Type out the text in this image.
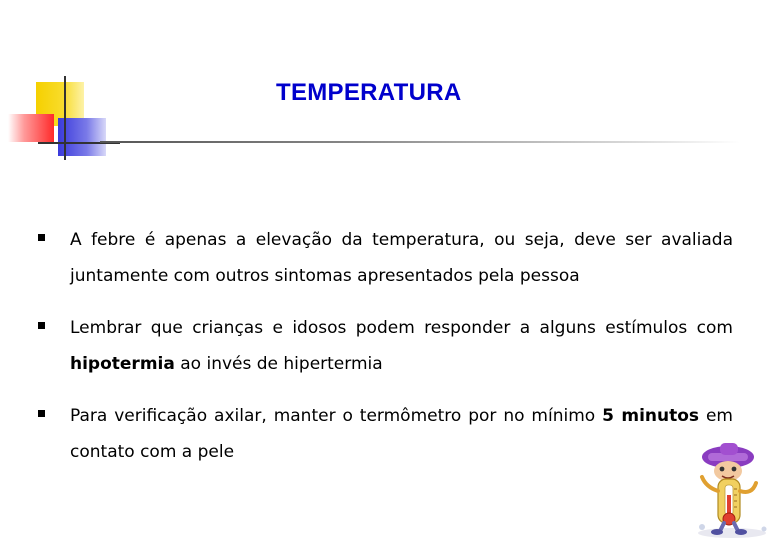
TEMPERATURA
A febre é apenas a elevação da temperatura, ou seja, deve ser avaliada juntamente com outros sintomas apresentados pela pessoa
Lembrar que crianças e idosos podem responder a alguns estímulos com hipotermia ao invés de hipertermia
Para verificação axilar, manter o termômetro por no mínimo 5 minutos em contato com a pele
